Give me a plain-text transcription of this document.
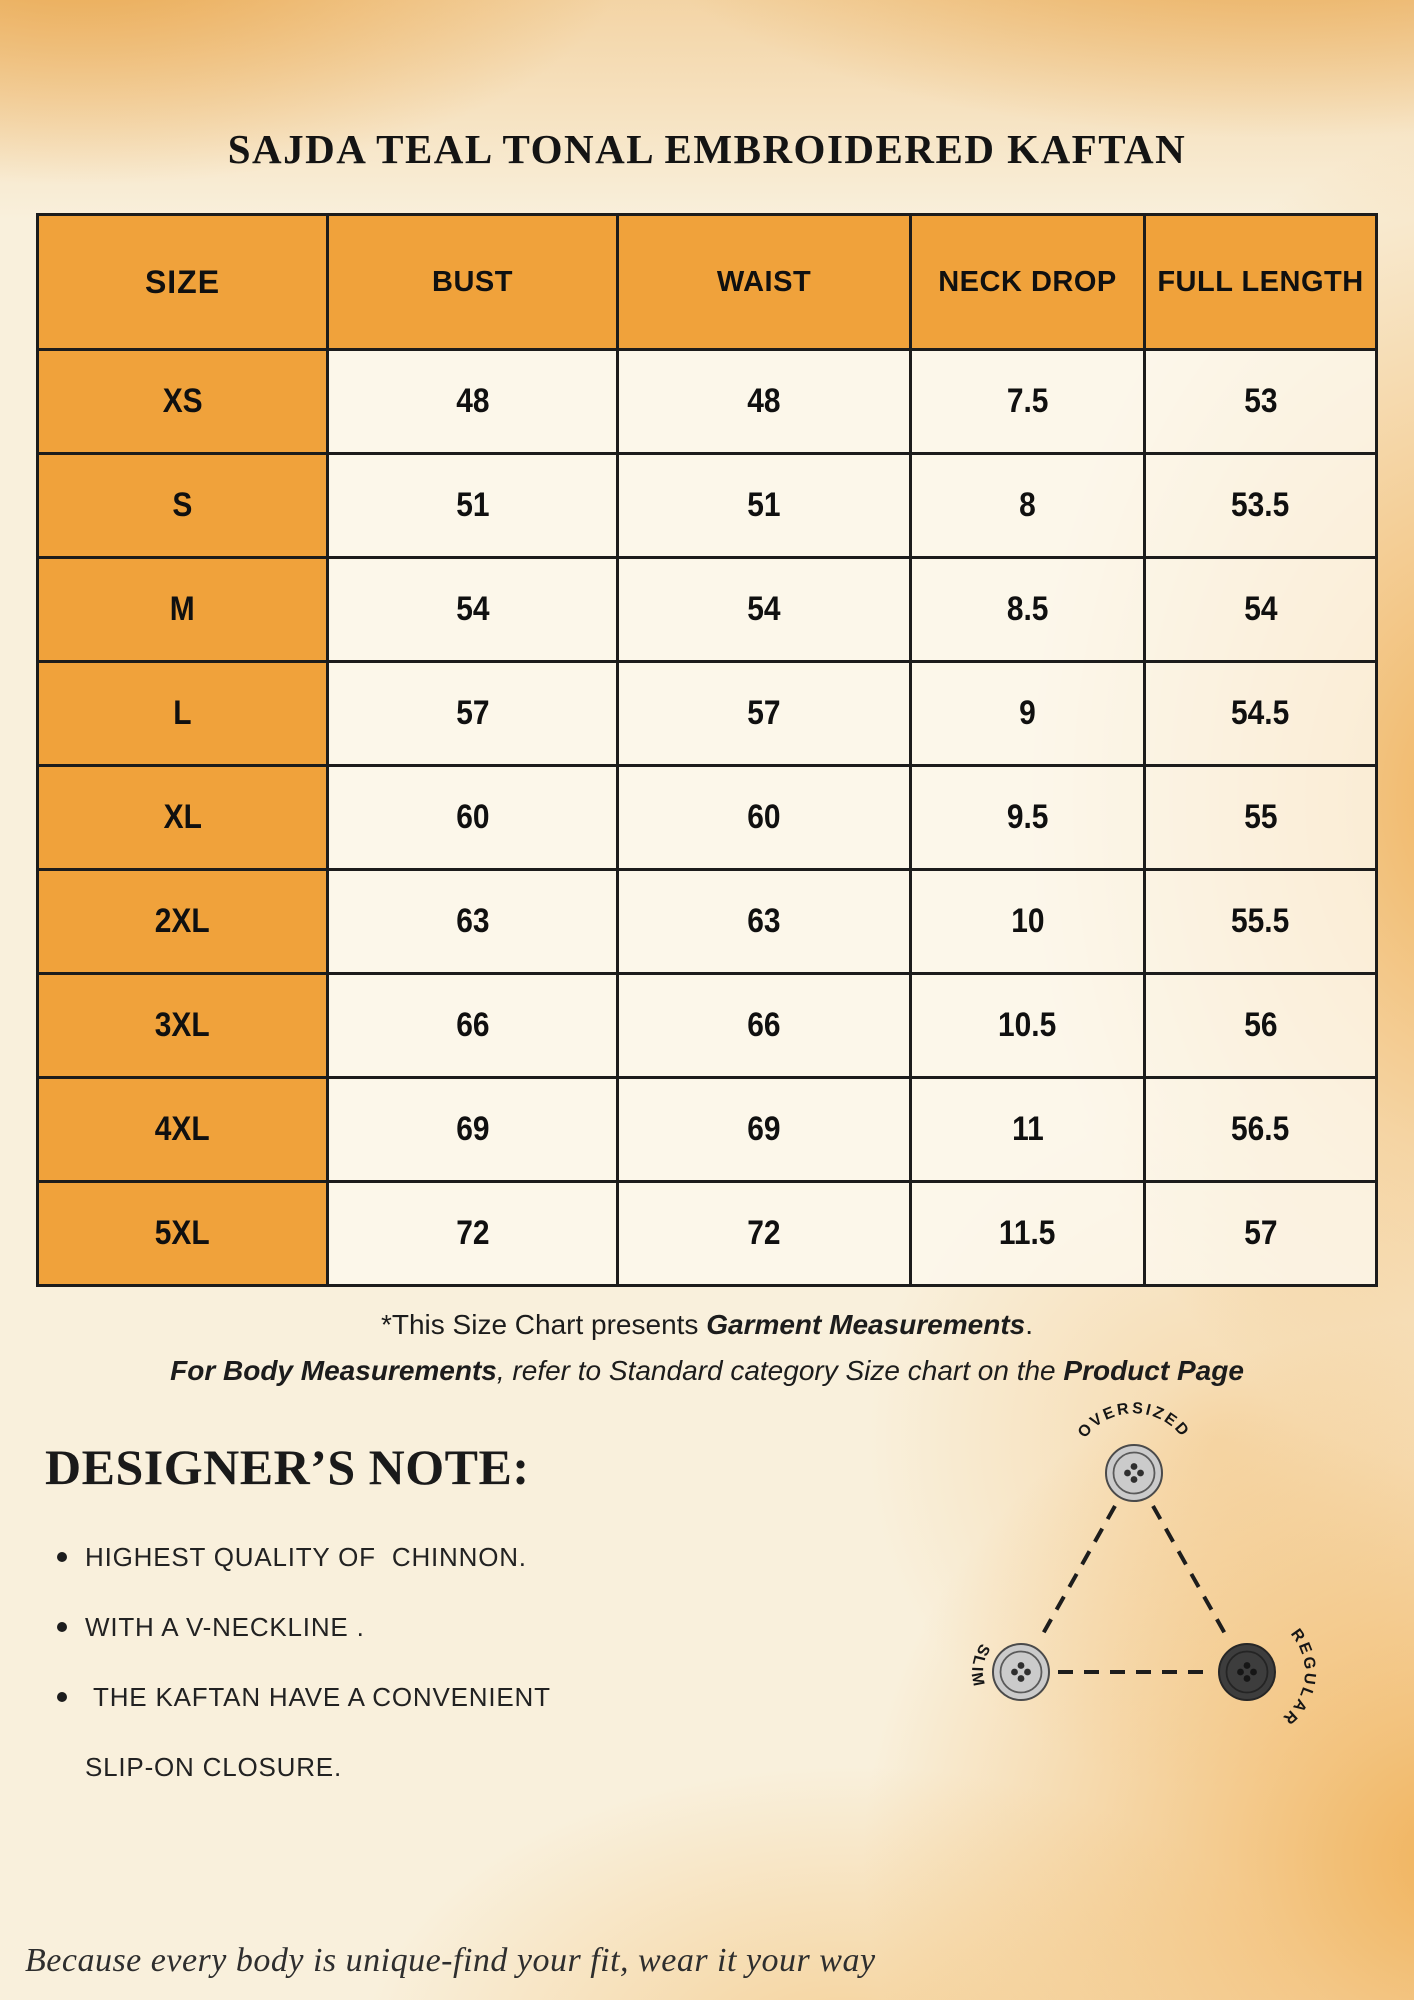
SAJDA TEAL TONAL EMBROIDERED KAFTAN
SIZE	BUST	WAIST	NECK DROP	FULL LENGTH
XS	48	48	7.5	53
S	51	51	8	53.5
M	54	54	8.5	54
L	57	57	9	54.5
XL	60	60	9.5	55
2XL	63	63	10	55.5
3XL	66	66	10.5	56
4XL	69	69	11	56.5
5XL	72	72	11.5	57
*This Size Chart presents Garment Measurements.
For Body Measurements, refer to Standard category Size chart on the Product Page
DESIGNER’S NOTE:
HIGHEST QUALITY OF  CHINNON.
WITH A V-NECKLINE .
THE KAFTAN HAVE A CONVENIENT
SLIP-ON CLOSURE.
OVERSIZED
REGULAR
SLIM
Because every body is unique-find your fit, wear it your way
